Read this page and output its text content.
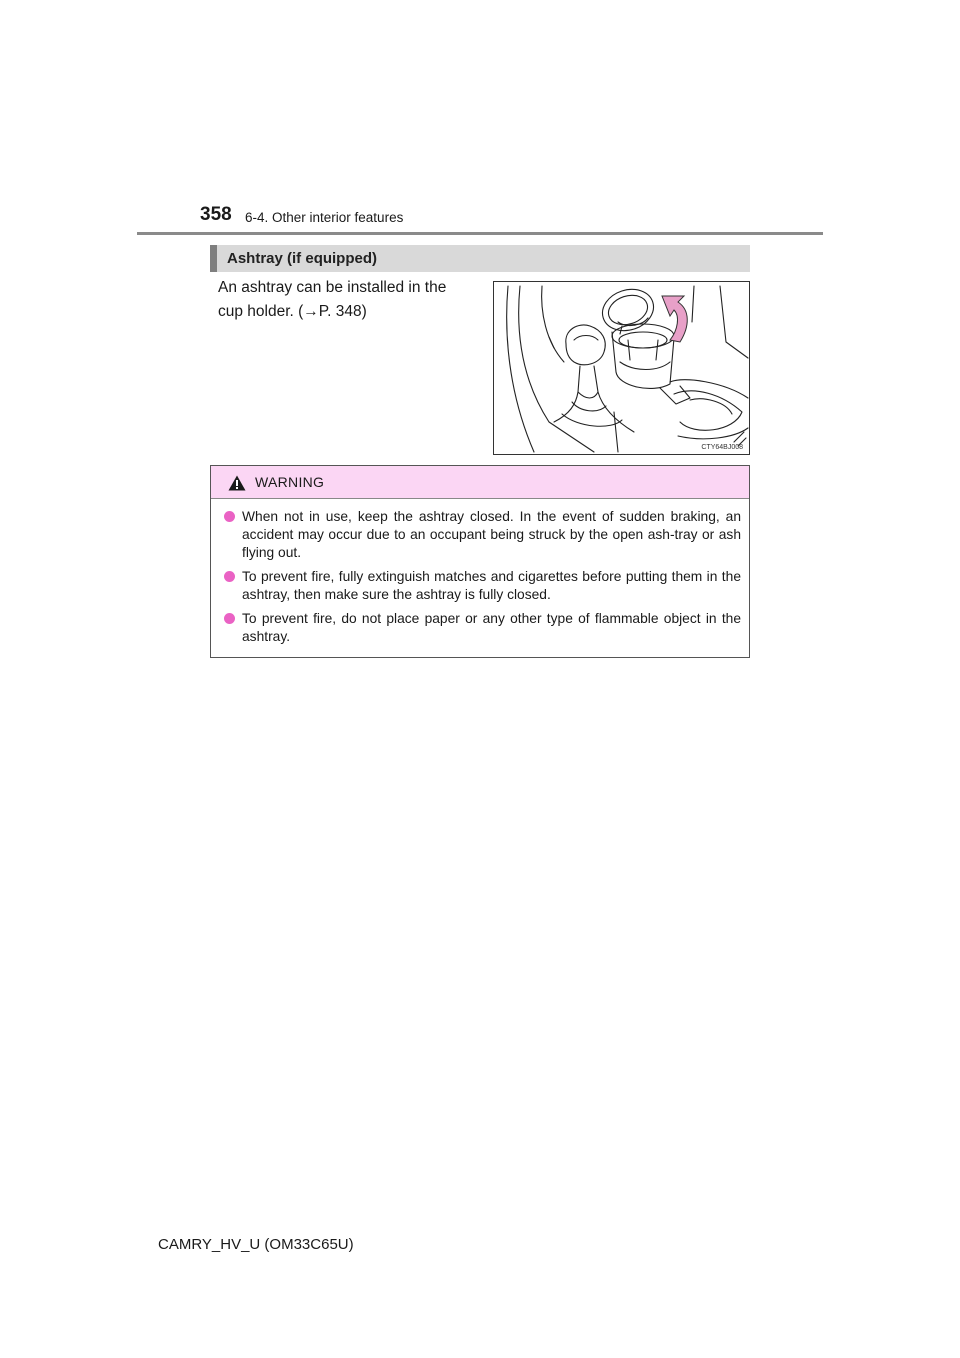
358 6-4. Other interior features
Ashtray (if equipped)
An ashtray can be installed in the
cup holder. (→P. 348)
CTY64BJ008
WARNING
When not in use, keep the ashtray closed. In the event of sudden braking, an accident may occur due to an occupant being struck by the open ash-tray or ash flying out.
To prevent fire, fully extinguish matches and cigarettes before putting them in the ashtray, then make sure the ashtray is fully closed.
To prevent fire, do not place paper or any other type of flammable object in the ashtray.
CAMRY_HV_U (OM33C65U)
